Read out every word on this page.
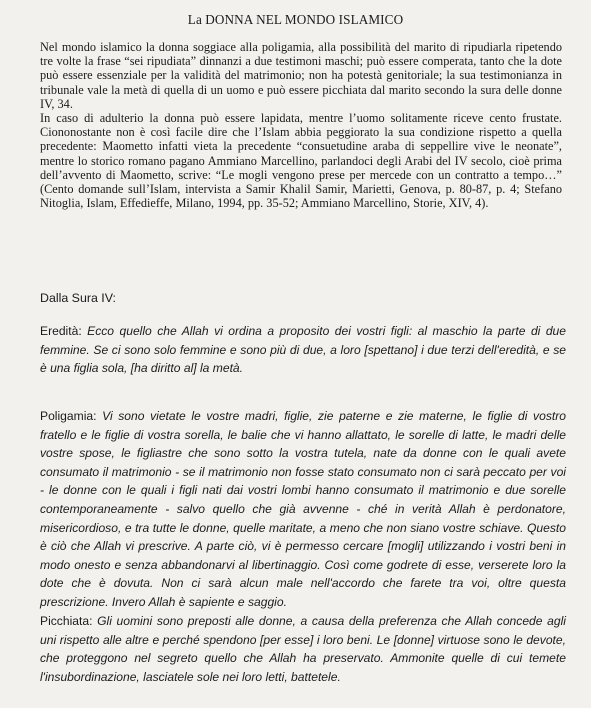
La DONNA NEL MONDO ISLAMICO

Nel mondo islamico la donna soggiace alla poligamia, alla possibilità del marito di ripudiarla ripetendo tre volte la frase “sei ripudiata” dinnanzi a due testimoni maschi; può essere comperata, tanto che la dote può essere essenziale per la validità del matrimonio; non ha potestà genitoriale; la sua testimonianza in tribunale vale la metà di quella di un uomo e può essere picchiata dal marito secondo la sura delle donne IV, 34.

In caso di adulterio la donna può essere lapidata, mentre l’uomo solitamente riceve cento frustate. Ciononostante non è così facile dire che l’Islam abbia peggiorato la sua condizione rispetto a quella precedente: Maometto infatti vieta la precedente “consuetudine araba di seppellire vive le neonate”, mentre lo storico romano pagano Ammiano Marcellino, parlandoci degli Arabi del IV secolo, cioè prima dell’avvento di Maometto, scrive: “Le mogli vengono prese per mercede con un contratto a tempo…” (Cento domande sull’Islam, intervista a Samir Khalil Samir, Marietti, Genova, p. 80-87, p. 4; Stefano Nitoglia, Islam, Effedieffe, Milano, 1994, pp. 35-52; Ammiano Marcellino, Storie, XIV, 4).

Dalla Sura IV:
Eredità: Ecco quello che Allah vi ordina a proposito dei vostri figli: al maschio la parte di due femmine. Se ci sono solo femmine e sono più di due, a loro [spettano] i due terzi dell'eredità, e se è una figlia sola, [ha diritto al] la metà.
Poligamia: Vi sono vietate le vostre madri, figlie, zie paterne e zie materne, le figlie di vostro fratello e le figlie di vostra sorella, le balie che vi hanno allattato, le sorelle di latte, le madri delle vostre spose, le figliastre che sono sotto la vostra tutela, nate da donne con le quali avete consumato il matrimonio - se il matrimonio non fosse stato consumato non ci sarà peccato per voi - le donne con le quali i figli nati dai vostri lombi hanno consumato il matrimonio e due sorelle contemporaneamente - salvo quello che già avvenne - ché in verità Allah è perdonatore, misericordioso, e tra tutte le donne, quelle maritate, a meno che non siano vostre schiave. Questo è ciò che Allah vi prescrive. A parte ciò, vi è permesso cercare [mogli] utilizzando i vostri beni in modo onesto e senza abbandonarvi al libertinaggio. Così come godrete di esse, verserete loro la dote che è dovuta. Non ci sarà alcun male nell'accordo che farete tra voi, oltre questa prescrizione. Invero Allah è sapiente e saggio.
Picchiata: Gli uomini sono preposti alle donne, a causa della preferenza che Allah concede agli uni rispetto alle altre e perché spendono [per esse] i loro beni. Le [donne] virtuose sono le devote, che proteggono nel segreto quello che Allah ha preservato. Ammonite quelle di cui temete l'insubordinazione, lasciatele sole nei loro letti, battetele.
